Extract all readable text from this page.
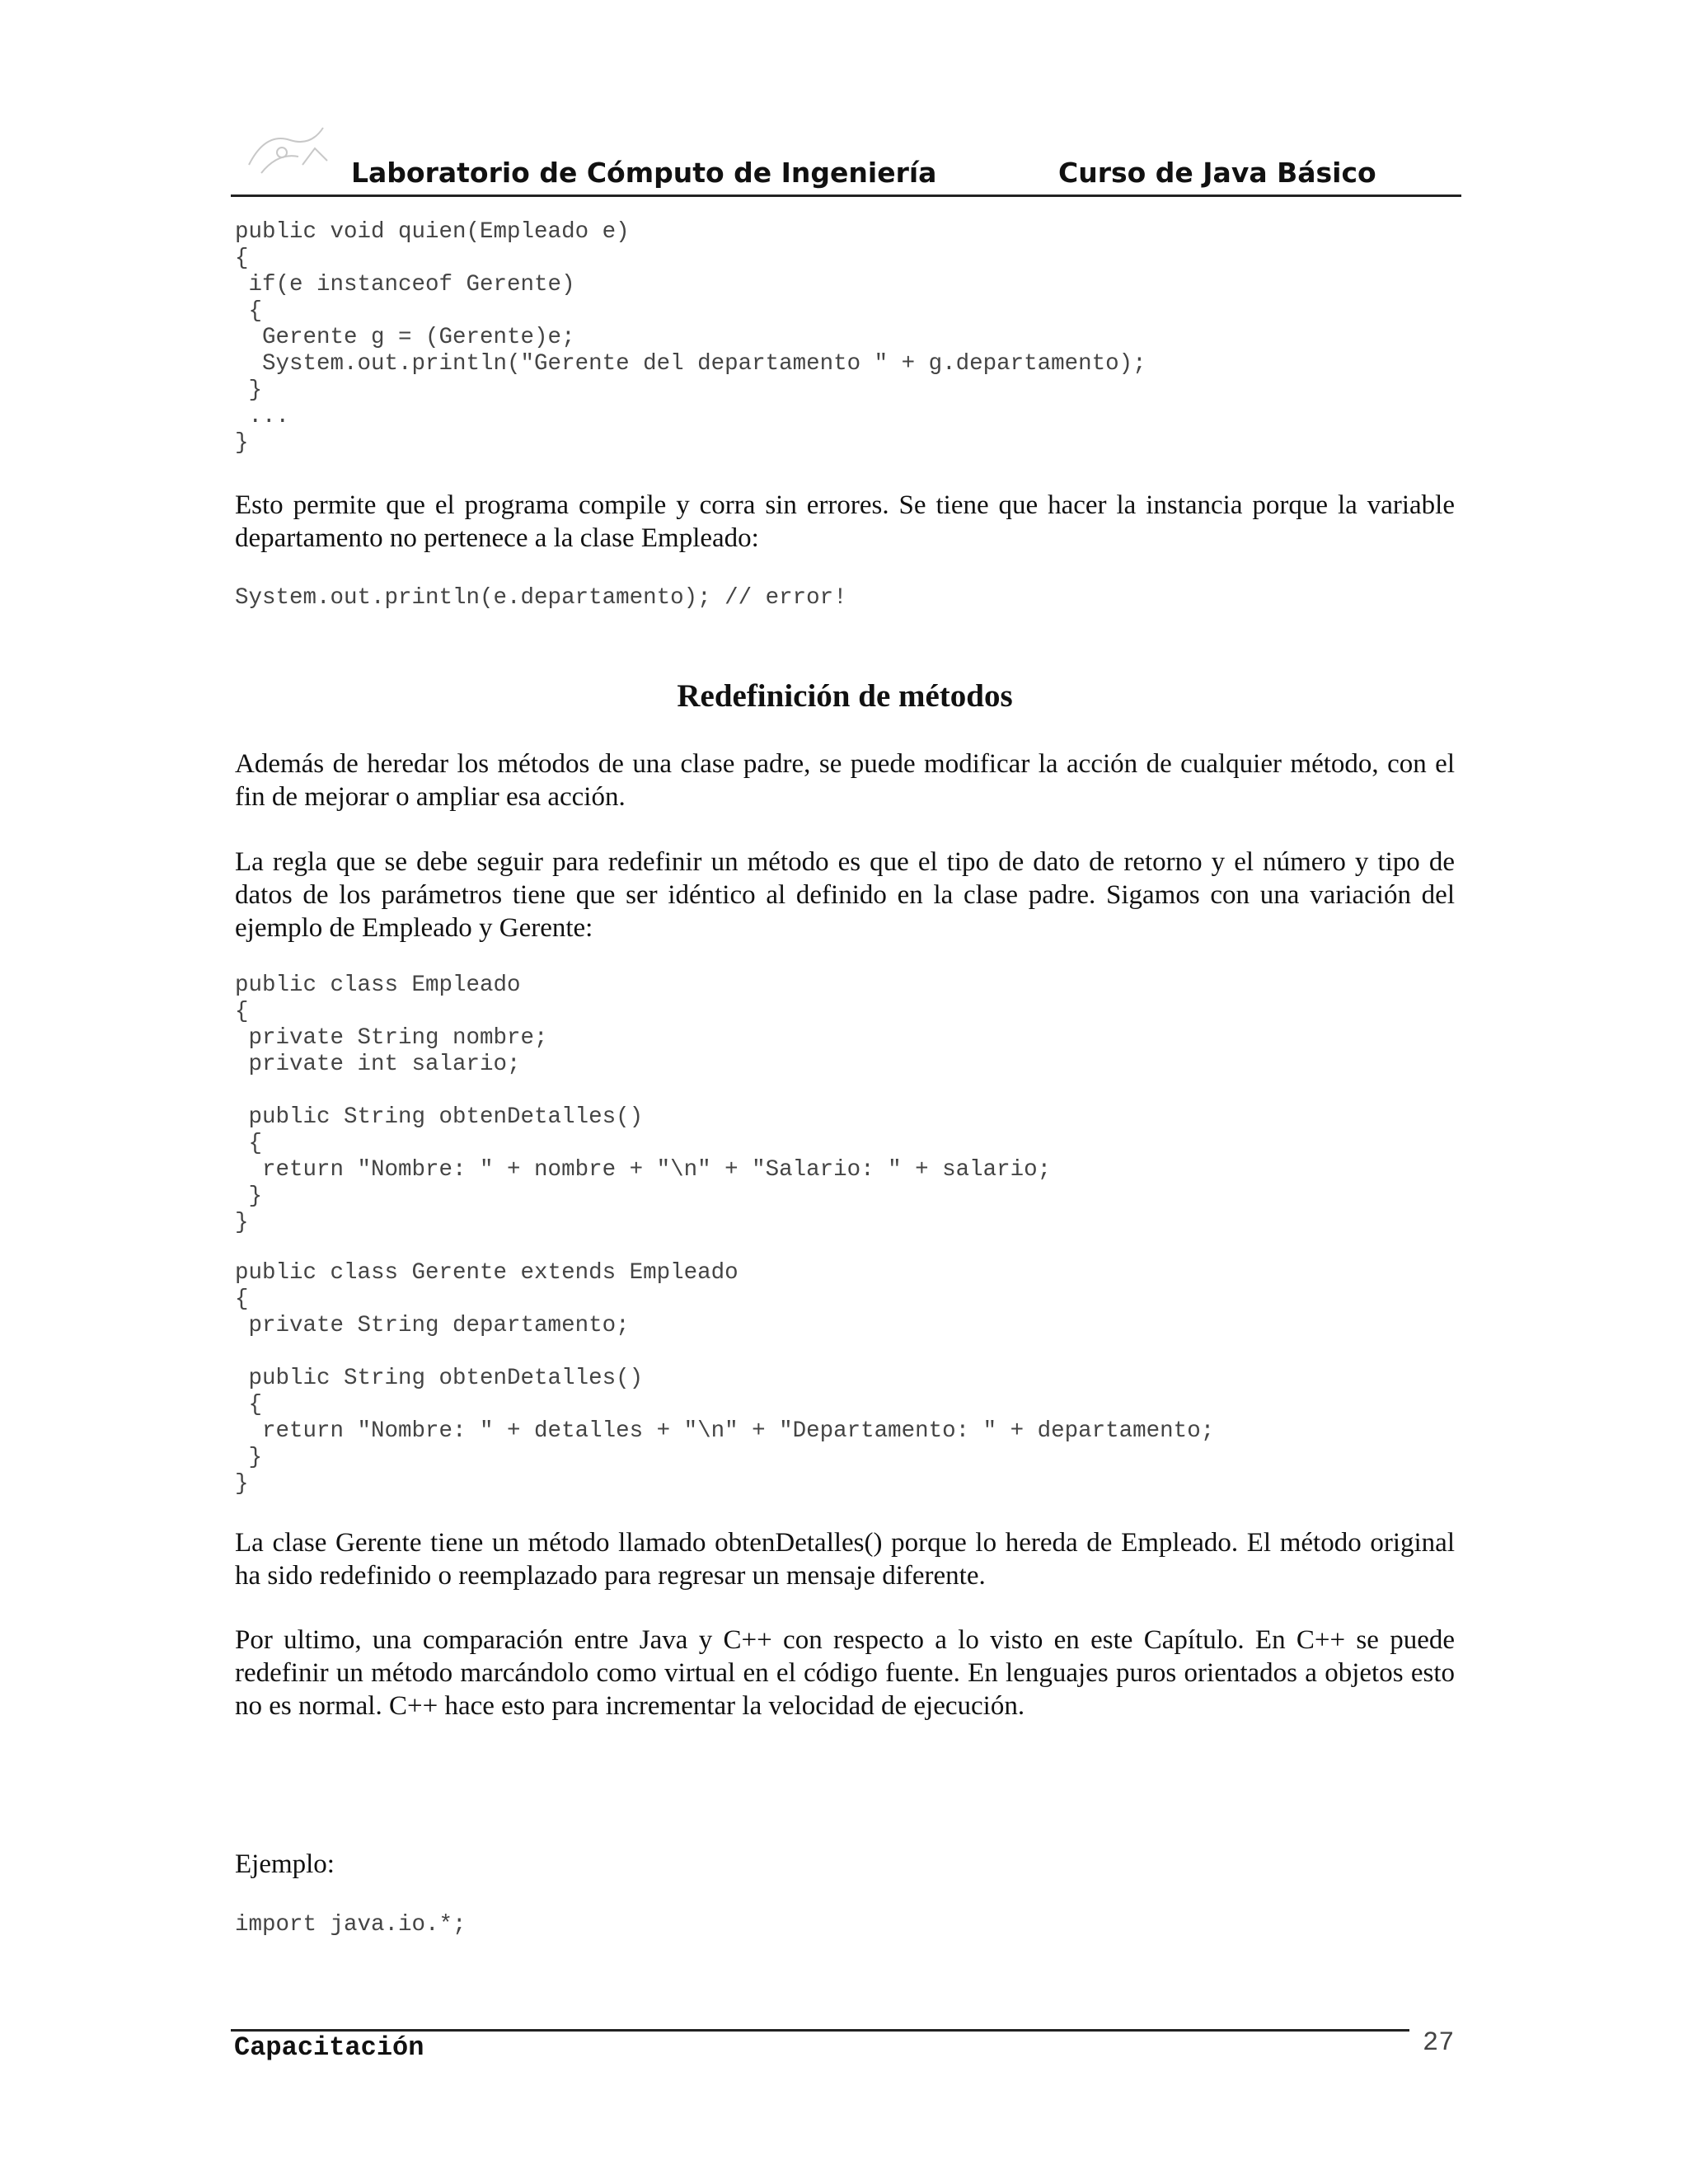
Laboratorio de Cómputo de Ingeniería	Curso de Java Básico
public void quien(Empleado e)
{
if(e instanceof Gerente)
{
Gerente g = (Gerente)e;
System.out.println("Gerente del departamento " + g.departamento);
}
...
}

Esto permite que el programa compile y corra sin errores. Se tiene que hacer la instancia porque la variable departamento no pertenece a la clase Empleado:

System.out.println(e.departamento); // error!
Redefinición de métodos

Además de heredar los métodos de una clase padre, se puede modificar la acción de cualquier método, con el fin de mejorar o ampliar esa acción.

La regla que se debe seguir para redefinir un método es que el tipo de dato de retorno y el número y tipo de datos de los parámetros tiene que ser idéntico al definido en la clase padre. Sigamos con una variación del ejemplo de Empleado y Gerente:

public class Empleado
{
private String nombre;
private int salario;

public String obtenDetalles()
{
return "Nombre: " + nombre + "\n" + "Salario: " + salario;
}
}
public class Gerente extends Empleado
{
private String departamento;

public String obtenDetalles()
{
return "Nombre: " + detalles + "\n" + "Departamento: " + departamento;
}
}

La clase Gerente tiene un método llamado obtenDetalles() porque lo hereda de Empleado. El método original ha sido redefinido o reemplazado para regresar un mensaje diferente.

Por ultimo, una comparación entre Java y C++ con respecto a lo visto en este Capítulo. En C++ se puede redefinir un método marcándolo como virtual en el código fuente. En lenguajes puros orientados a objetos esto no es normal. C++ hace esto para incrementar la velocidad de ejecución.

Ejemplo:

import java.io.*;
Capacitación	27
